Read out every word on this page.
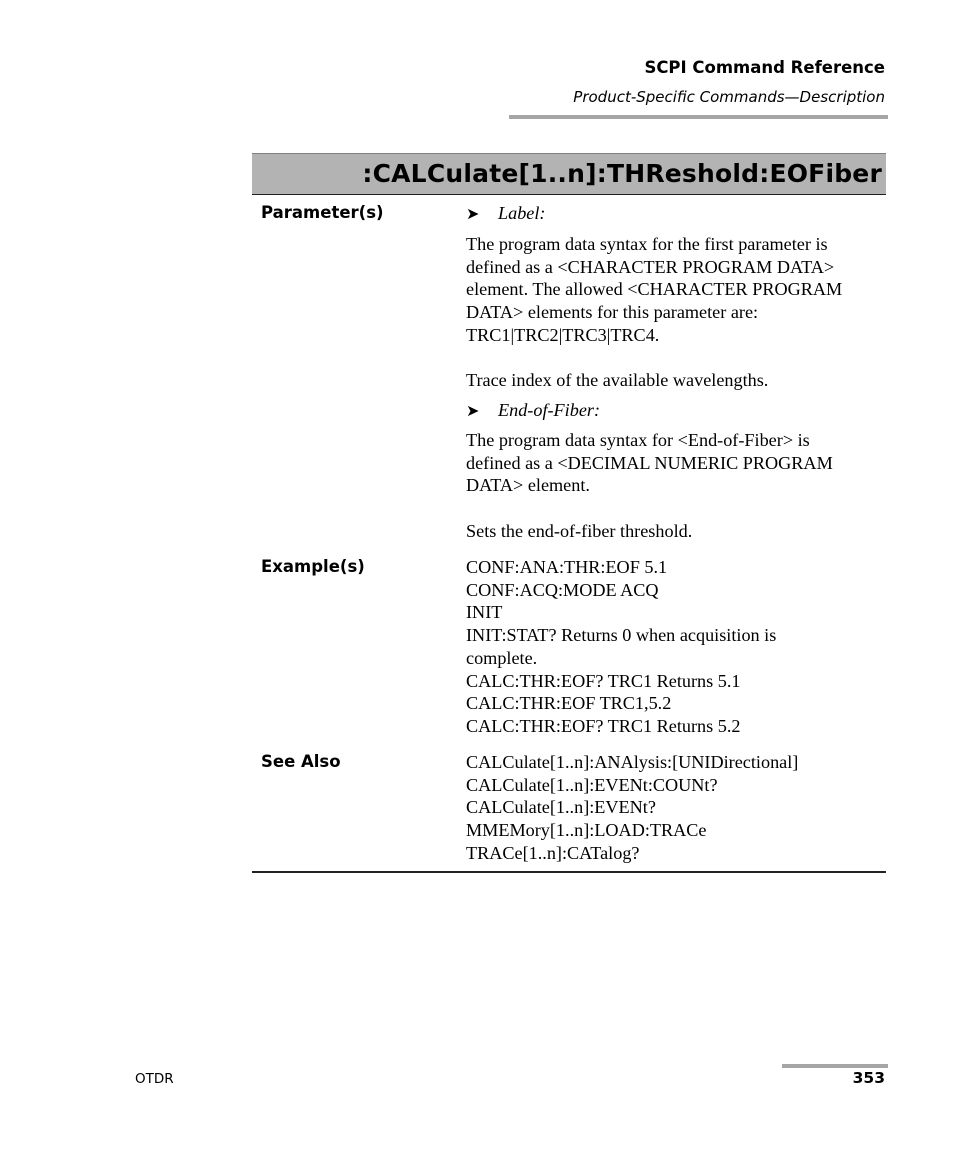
SCPI Command Reference
Product-Specific Commands—Description
:CALCulate[1..n]:THReshold:EOFiber
Parameter(s)	➤ Label:

The program data syntax for the first parameter is

defined as a <CHARACTER PROGRAM DATA>

element. The allowed <CHARACTER PROGRAM

DATA> elements for this parameter are:

TRC1|TRC2|TRC3|TRC4.

Trace index of the available wavelengths.
➤ End-of-Fiber:

The program data syntax for <End-of-Fiber> is

defined as a <DECIMAL NUMERIC PROGRAM

DATA> element.

Sets the end-of-fiber threshold.
Example(s)	CONF:ANA:THR:EOF 5.1

CONF:ACQ:MODE ACQ

INIT

INIT:STAT? Returns 0 when acquisition is

complete.

CALC:THR:EOF? TRC1 Returns 5.1

CALC:THR:EOF TRC1,5.2

CALC:THR:EOF? TRC1 Returns 5.2

See Also	CALCulate[1..n]:ANAlysis:[UNIDirectional]

CALCulate[1..n]:EVENt:COUNt?

CALCulate[1..n]:EVENt?

MMEMory[1..n]:LOAD:TRACe

TRACe[1..n]:CATalog?

OTDR	353
